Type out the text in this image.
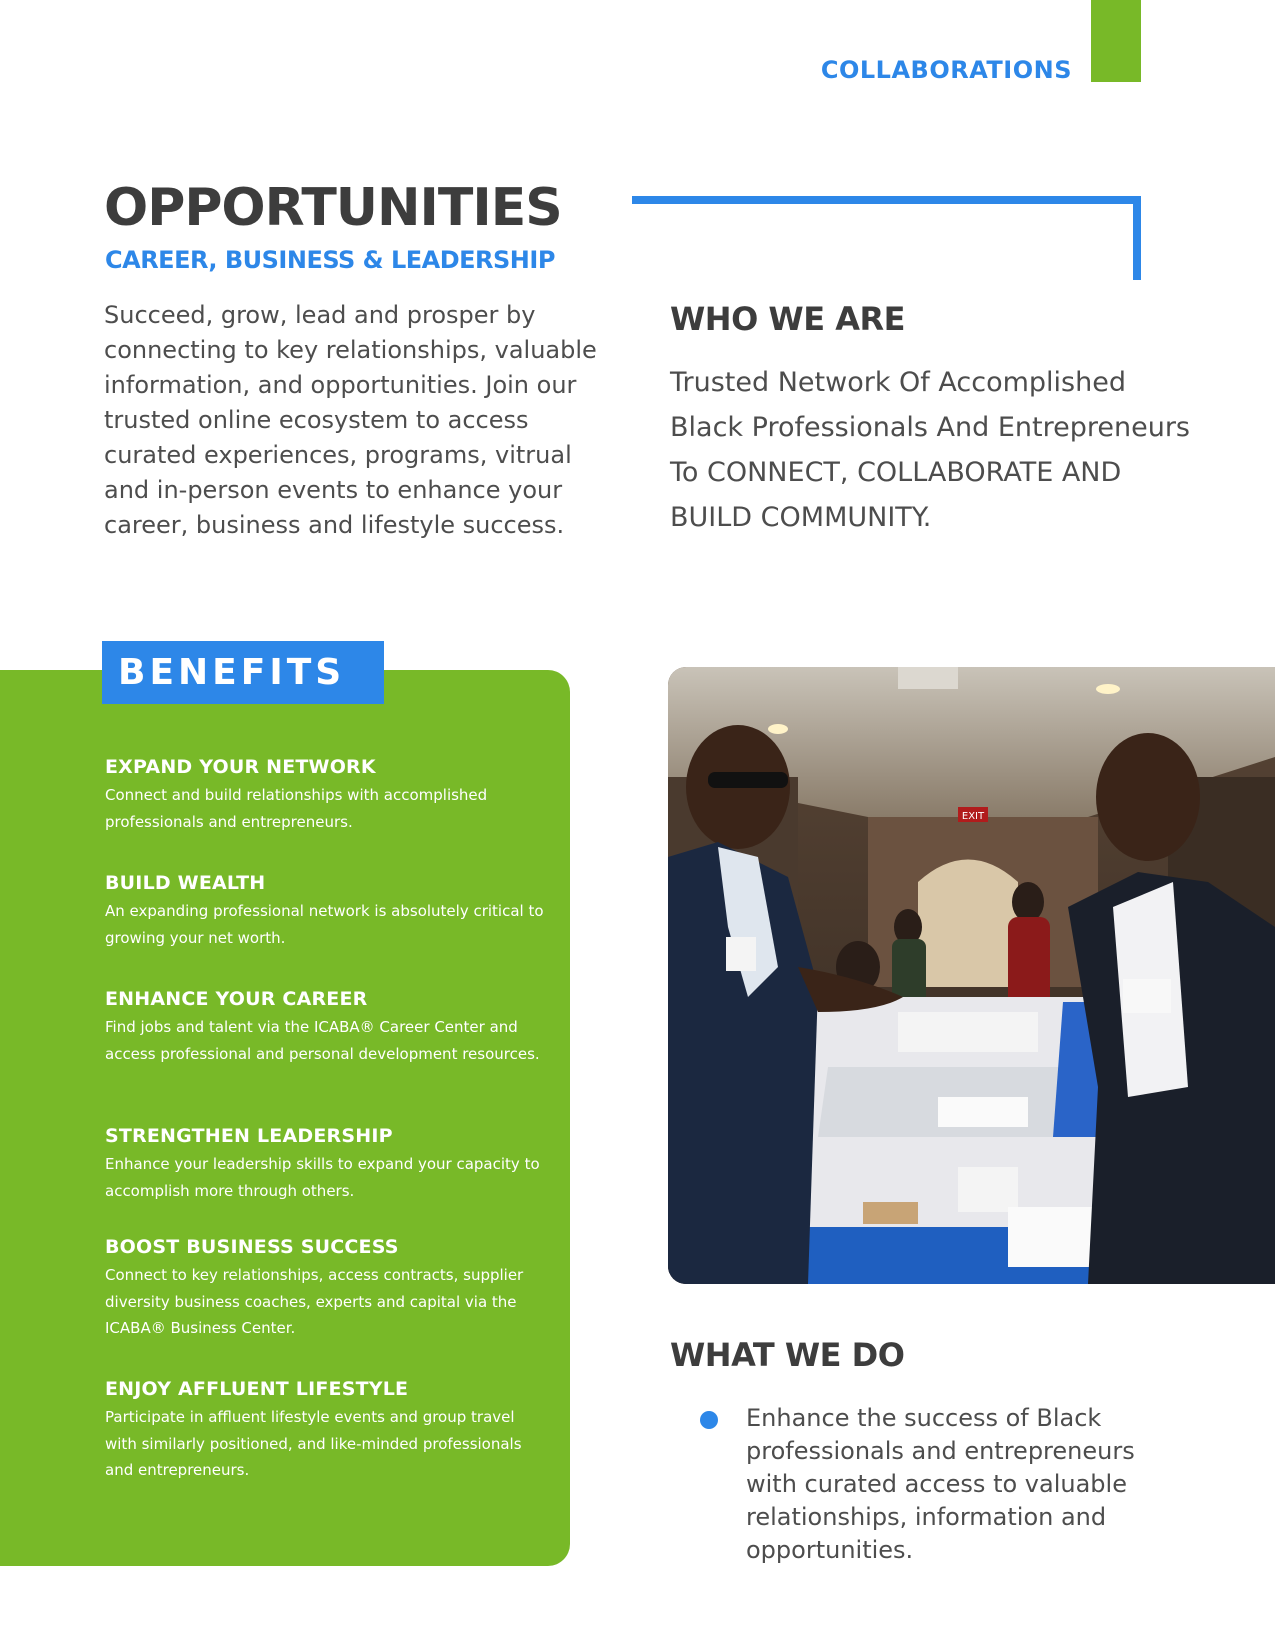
COLLABORATIONS
OPPORTUNITIES
CAREER, BUSINESS & LEADERSHIP

Succeed, grow, lead and prosper by connecting to key relationships, valuable information, and opportunities. Join our trusted online ecosystem to access curated experiences, programs, vitrual and in-person events to enhance your career, business and lifestyle success.

WHO WE ARE

Trusted Network Of Accomplished Black Professionals And Entrepreneurs To CONNECT, COLLABORATE AND BUILD COMMUNITY.

BENEFITS
EXPAND YOUR NETWORK

Connect and build relationships with accomplished professionals and entrepreneurs.

BUILD WEALTH

An expanding professional network is absolutely critical to growing your net worth.

ENHANCE YOUR CAREER

Find jobs and talent via the ICABA® Career Center and access professional and personal development resources.

STRENGTHEN LEADERSHIP

Enhance your leadership skills to expand your capacity to accomplish more through others.

BOOST BUSINESS SUCCESS

Connect to key relationships, access contracts, supplier diversity business coaches, experts and capital via the ICABA® Business Center.

ENJOY AFFLUENT LIFESTYLE

Participate in affluent lifestyle events and group travel with similarly positioned, and like-minded professionals and entrepreneurs.

EXIT
WHAT WE DO

Enhance the success of Black professionals and entrepreneurs with curated access to valuable relationships, information and opportunities.
